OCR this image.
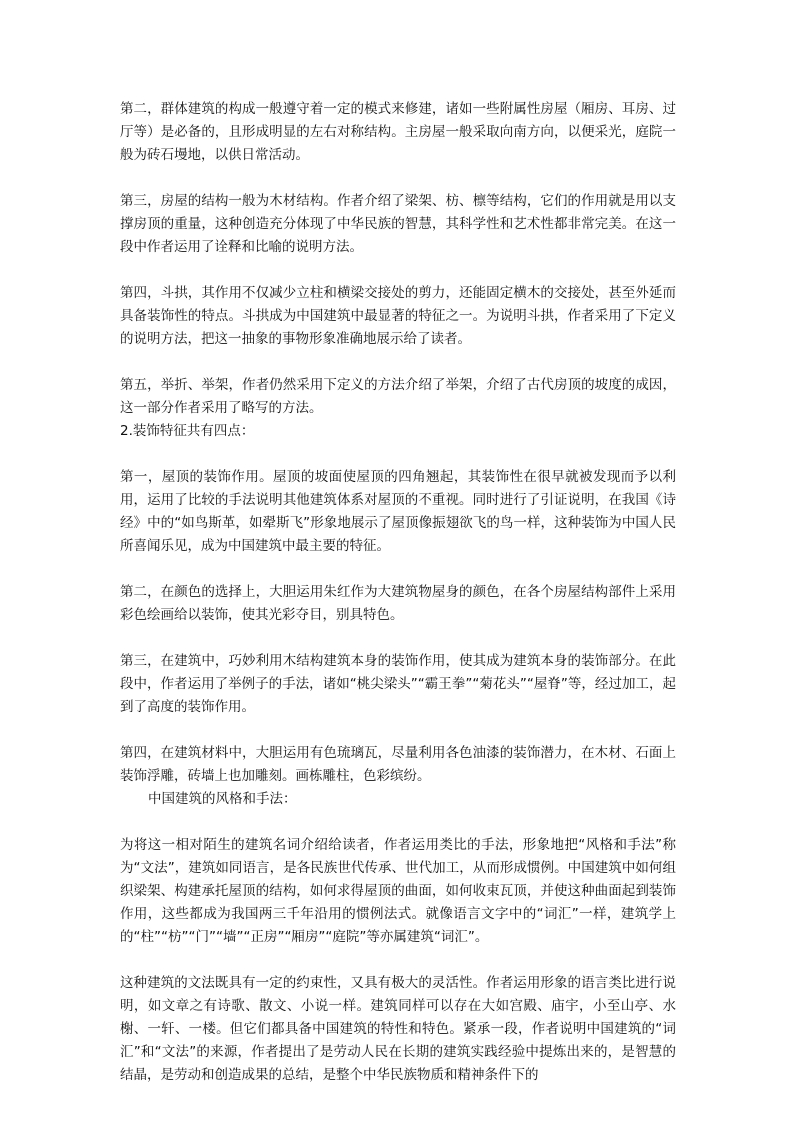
第二，群体建筑的构成一般遵守着一定的模式来修建，诸如一些附属性房屋（厢房、耳房、过厅等）是必备的，且形成明显的左右对称结构。主房屋一般采取向南方向，以便采光，庭院一般为砖石墁地，以供日常活动。

第三，房屋的结构一般为木材结构。作者介绍了梁架、枋、檩等结构，它们的作用就是用以支撑房顶的重量，这种创造充分体现了中华民族的智慧，其科学性和艺术性都非常完美。在这一段中作者运用了诠释和比喻的说明方法。

第四，斗拱，其作用不仅减少立柱和横梁交接处的剪力，还能固定横木的交接处，甚至外延而具备装饰性的特点。斗拱成为中国建筑中最显著的特征之一。为说明斗拱，作者采用了下定义的说明方法，把这一抽象的事物形象准确地展示给了读者。

第五，举折、举架，作者仍然采用下定义的方法介绍了举架，介绍了古代房顶的坡度的成因，这一部分作者采用了略写的方法。

2.装饰特征共有四点：

第一，屋顶的装饰作用。屋顶的坡面使屋顶的四角翘起，其装饰性在很早就被发现而予以利用，运用了比较的手法说明其他建筑体系对屋顶的不重视。同时进行了引证说明，在我国《诗经》中的“如鸟斯革，如翚斯飞”形象地展示了屋顶像振翅欲飞的鸟一样，这种装饰为中国人民所喜闻乐见，成为中国建筑中最主要的特征。

第二，在颜色的选择上，大胆运用朱红作为大建筑物屋身的颜色，在各个房屋结构部件上采用彩色绘画给以装饰，使其光彩夺目，别具特色。

第三，在建筑中，巧妙利用木结构建筑本身的装饰作用，使其成为建筑本身的装饰部分。在此段中，作者运用了举例子的手法，诸如“桃尖梁头”“霸王拳”“菊花头”“屋脊”等，经过加工，起到了高度的装饰作用。

第四，在建筑材料中，大胆运用有色琉璃瓦，尽量利用各色油漆的装饰潜力，在木材、石面上装饰浮雕，砖墙上也加雕刻。画栋雕柱，色彩缤纷。

中国建筑的风格和手法：

为将这一相对陌生的建筑名词介绍给读者，作者运用类比的手法，形象地把“风格和手法”称为“文法”，建筑如同语言，是各民族世代传承、世代加工，从而形成惯例。中国建筑中如何组织梁架、构建承托屋顶的结构，如何求得屋顶的曲面，如何收束瓦顶，并使这种曲面起到装饰作用，这些都成为我国两三千年沿用的惯例法式。就像语言文字中的“词汇”一样，建筑学上的“柱”“枋”“门”“墙”“正房”“厢房”“庭院”等亦属建筑“词汇”。

这种建筑的文法既具有一定的约束性，又具有极大的灵活性。作者运用形象的语言类比进行说明，如文章之有诗歌、散文、小说一样。建筑同样可以存在大如宫殿、庙宇，小至山亭、水榭、一轩、一楼。但它们都具备中国建筑的特性和特色。紧承一段，作者说明中国建筑的“词汇”和“文法”的来源，作者提出了是劳动人民在长期的建筑实践经验中提炼出来的，是智慧的结晶，是劳动和创造成果的总结，是整个中华民族物质和精神条件下的
